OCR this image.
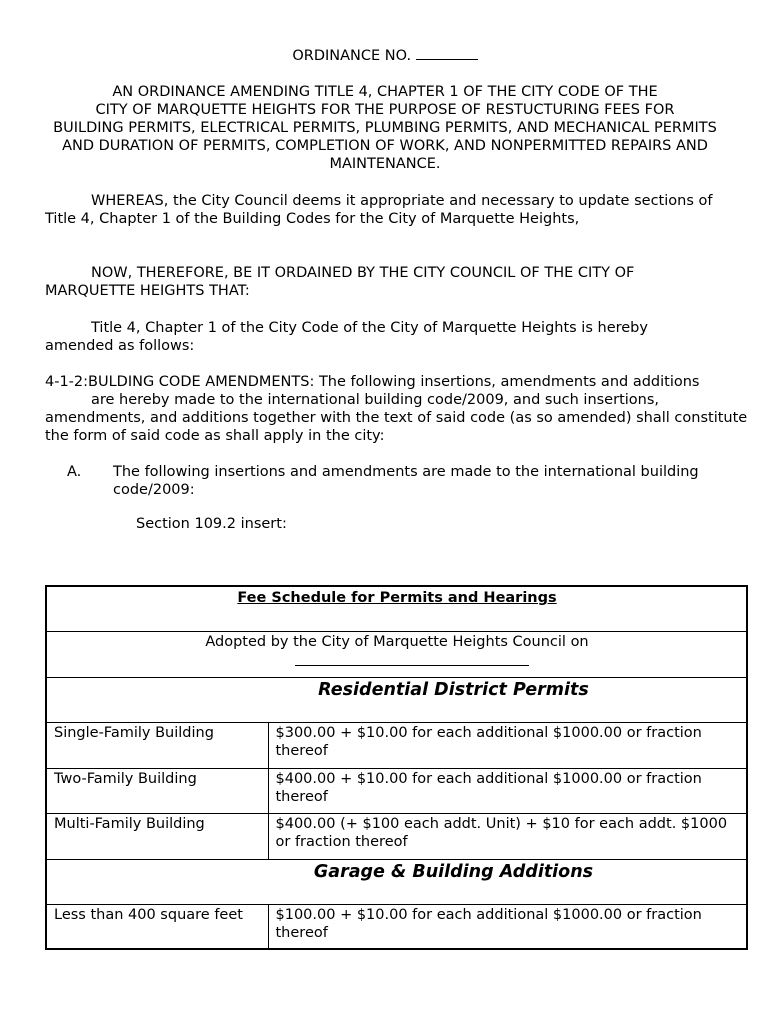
ORDINANCE NO.
AN ORDINANCE AMENDING TITLE 4, CHAPTER 1 OF THE CITY CODE OF THE
CITY OF MARQUETTE HEIGHTS FOR THE PURPOSE OF RESTUCTURING FEES FOR
BUILDING PERMITS, ELECTRICAL PERMITS, PLUMBING PERMITS, AND MECHANICAL PERMITS
AND DURATION OF PERMITS, COMPLETION OF WORK, AND NONPERMITTED REPAIRS AND
MAINTENANCE.
WHEREAS, the City Council deems it appropriate and necessary to update sections of Title 4, Chapter 1 of the Building Codes for the City of Marquette Heights,
NOW, THEREFORE, BE IT ORDAINED BY THE CITY COUNCIL OF THE CITY OF MARQUETTE HEIGHTS THAT:
Title 4, Chapter 1 of the City Code of the City of Marquette Heights is hereby amended as follows:
4-1-2:BULDING CODE AMENDMENTS: The following insertions, amendments and additions
are hereby made to the international building code/2009, and such insertions,
amendments, and additions together with the text of said code (as so amended) shall constitute the form of said code as shall apply in the city:
A. The following insertions and amendments are made to the international building
code/2009:
Section 109.2 insert:
Fee Schedule for Permits and Hearings	

Adopted by the City of Marquette Heights Council on	

Residential District Permits	
Single-Family Building	$300.00 + $10.00 for each additional $1000.00 or fraction thereof
Two-Family Building	$400.00 + $10.00 for each additional $1000.00 or fraction thereof
Multi-Family Building	$400.00 (+ $100 each addt. Unit) + $10 for each addt. $1000 or fraction thereof
Garage & Building Additions	
Less than 400 square feet	$100.00 + $10.00 for each additional $1000.00 or fraction thereof
